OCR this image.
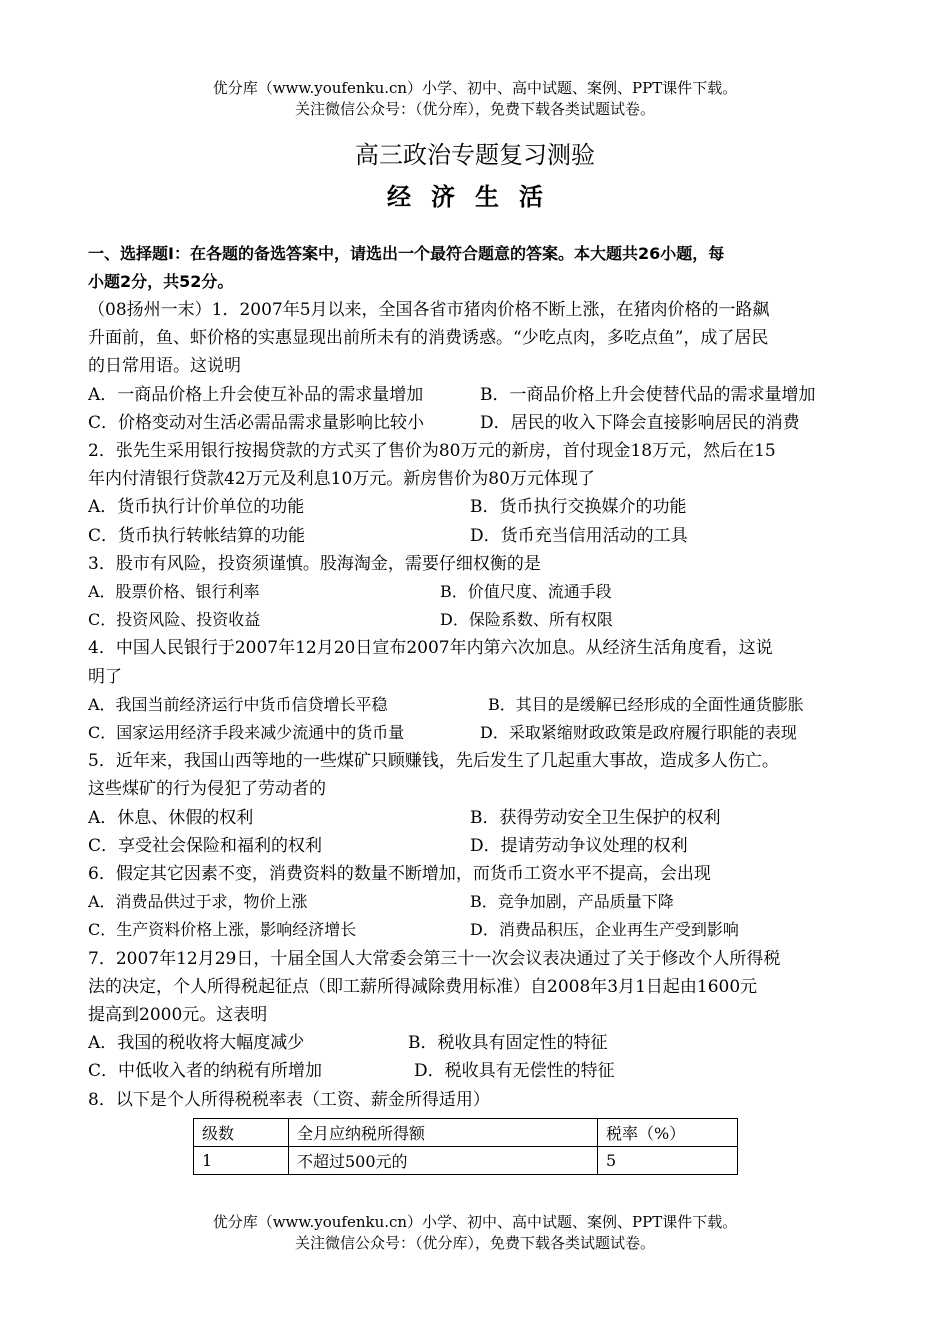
优分库（www.youfenku.cn）小学、初中、高中试题、案例、PPT课件下载。
关注微信公众号：（优分库），免费下载各类试题试卷。
高三政治专题复习测验
经济生活
一、选择题Ⅰ：在各题的备选答案中，请选出一个最符合题意的答案。本大题共26小题，每
小题2分，共52分。
（08扬州一末）1．2007年5月以来，全国各省市猪肉价格不断上涨，在猪肉价格的一路飙
升面前，鱼、虾价格的实惠显现出前所未有的消费诱惑。“少吃点肉，多吃点鱼”，成了居民
的日常用语。这说明
A．一商品价格上升会使互补品的需求量增加	B．一商品价格上升会使替代品的需求量增加
C．价格变动对生活必需品需求量影响比较小	D．居民的收入下降会直接影响居民的消费
2．张先生采用银行按揭贷款的方式买了售价为80万元的新房，首付现金18万元，然后在15
年内付清银行贷款42万元及利息10万元。新房售价为80万元体现了
A．货币执行计价单位的功能	B．货币执行交换媒介的功能
C．货币执行转帐结算的功能	D．货币充当信用活动的工具
3．股市有风险，投资须谨慎。股海淘金，需要仔细权衡的是
A．股票价格、银行利率	B．价值尺度、流通手段
C．投资风险、投资收益	D．保险系数、所有权限
4．中国人民银行于2007年12月20日宣布2007年内第六次加息。从经济生活角度看，这说
明了
A．我国当前经济运行中货币信贷增长平稳	B．其目的是缓解已经形成的全面性通货膨胀
C．国家运用经济手段来减少流通中的货币量	D．采取紧缩财政政策是政府履行职能的表现
5．近年来，我国山西等地的一些煤矿只顾赚钱，先后发生了几起重大事故，造成多人伤亡。
这些煤矿的行为侵犯了劳动者的
A．休息、休假的权利	B．获得劳动安全卫生保护的权利
C．享受社会保险和福利的权利	D．提请劳动争议处理的权利
6．假定其它因素不变，消费资料的数量不断增加，而货币工资水平不提高，会出现
A．消费品供过于求，物价上涨	B．竞争加剧，产品质量下降
C．生产资料价格上涨，影响经济增长	D．消费品积压，企业再生产受到影响
7．2007年12月29日，十届全国人大常委会第三十一次会议表决通过了关于修改个人所得税
法的决定，个人所得税起征点（即工薪所得减除费用标准）自2008年3月1日起由1600元
提高到2000元。这表明
A．我国的税收将大幅度减少	B．税收具有固定性的特征
C．中低收入者的纳税有所增加	D．税收具有无偿性的特征
8．以下是个人所得税税率表（工资、薪金所得适用）
级数	全月应纳税所得额	税率（%）
1	不超过500元的	5
优分库（www.youfenku.cn）小学、初中、高中试题、案例、PPT课件下载。
关注微信公众号：（优分库），免费下载各类试题试卷。
